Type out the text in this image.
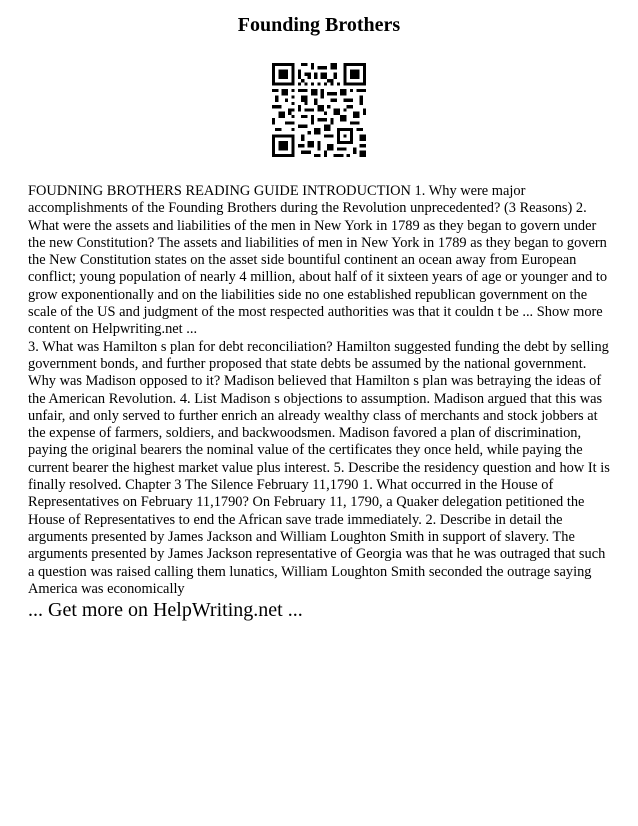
Founding Brothers

FOUDNING BROTHERS READING GUIDE INTRODUCTION 1. Why were major accomplishments of the Founding Brothers during the Revolution unprecedented? (3 Reasons) 2. What were the assets and liabilities of the men in New York in 1789 as they began to govern under the new Constitution? The assets and liabilities of men in New York in 1789 as they began to govern the New Constitution states on the asset side bountiful continent an ocean away from European conflict; young population of nearly 4 million, about half of it sixteen years of age or younger and to grow exponentionally and on the liabilities side no one established republican government on the scale of the US and judgment of the most respected authorities was that it couldn t be ... Show more content on Helpwriting.net ...

3. What was Hamilton s plan for debt reconciliation? Hamilton suggested funding the debt by selling government bonds, and further proposed that state debts be assumed by the national government. Why was Madison opposed to it? Madison believed that Hamilton s plan was betraying the ideas of the American Revolution. 4. List Madison s objections to assumption. Madison argued that this was unfair, and only served to further enrich an already wealthy class of merchants and stock jobbers at the expense of farmers, soldiers, and backwoodsmen. Madison favored a plan of discrimination, paying the original bearers the nominal value of the certificates they once held, while paying the current bearer the highest market value plus interest. 5. Describe the residency question and how It is finally resolved. Chapter 3 The Silence February 11,1790 1. What occurred in the House of Representatives on February 11,1790? On February 11, 1790, a Quaker delegation petitioned the House of Representatives to end the African save trade immediately. 2. Describe in detail the arguments presented by James Jackson and William Loughton Smith in support of slavery. The arguments presented by James Jackson representative of Georgia was that he was outraged that such a question was raised calling them lunatics, William Loughton Smith seconded the outrage saying America was economically

... Get more on HelpWriting.net ...
